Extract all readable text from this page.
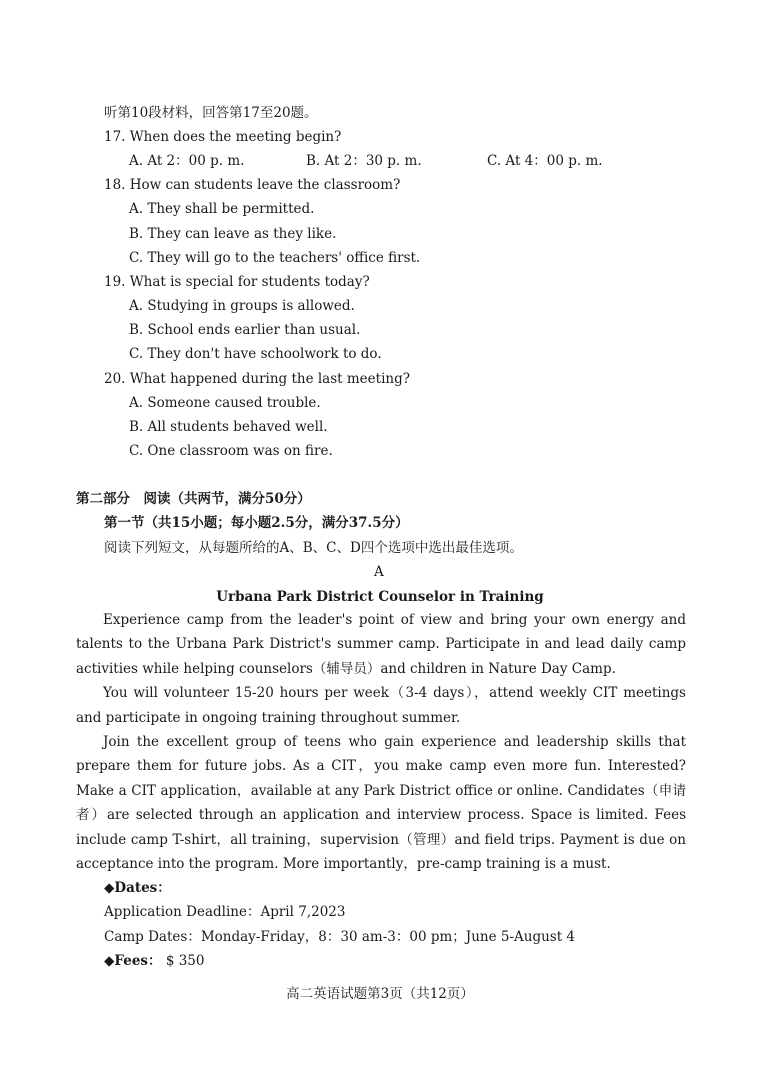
听第10段材料，回答第17至20题。
17. When does the meeting begin?
A. At 2：00 p. m.	B. At 2：30 p. m.	C. At 4：00 p. m.
18. How can students leave the classroom?
A. They shall be permitted.
B. They can leave as they like.
C. They will go to the teachers' office first.
19. What is special for students today?
A. Studying in groups is allowed.
B. School ends earlier than usual.
C. They don't have schoolwork to do.
20. What happened during the last meeting?
A. Someone caused trouble.
B. All students behaved well.
C. One classroom was on fire.
第二部分　阅读（共两节，满分50分）
第一节（共15小题；每小题2.5分，满分37.5分）
阅读下列短文，从每题所给的A、B、C、D四个选项中选出最佳选项。
A
Urbana Park District Counselor in Training

Experience camp from the leader's point of view and bring your own energy and talents to the Urbana Park District's summer camp. Participate in and lead daily camp activities while helping counselors（辅导员）and children in Nature Day Camp.

You will volunteer 15-20 hours per week（3-4 days），attend weekly CIT meetings and participate in ongoing training throughout summer.

Join the excellent group of teens who gain experience and leadership skills that prepare them for future jobs. As a CIT，you make camp even more fun. Interested? Make a CIT application，available at any Park District office or online. Candidates（申请者）are selected through an application and interview process. Space is limited. Fees include camp T-shirt，all training，supervision（管理）and field trips. Payment is due on acceptance into the program. More importantly，pre-camp training is a must.

◆Dates：
Application Deadline：April 7,2023
Camp Dates：Monday-Friday，8：30 am-3：00 pm；June 5-August 4
◆Fees： $ 350
高二英语试题第3页（共12页）
